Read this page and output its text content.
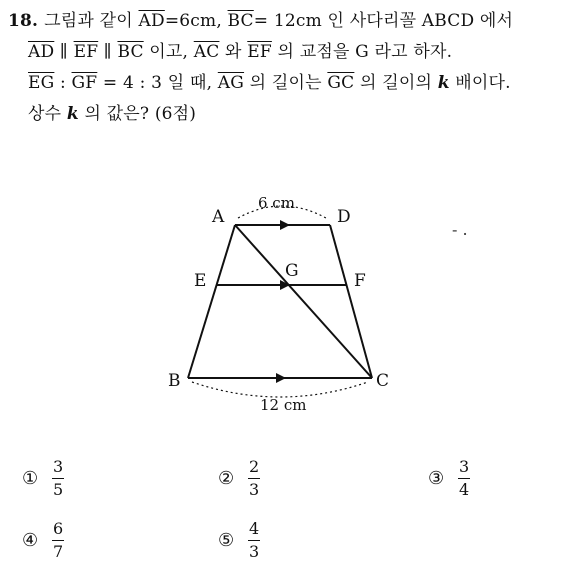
18. 그림과 같이 $\overline{AD}=6cm$, $\overline{BC}= 12cm$ 인 사다리꼴 ABCD 에서
$\overline{AD}$ ∥ $\overline{EF}$ ∥ $\overline{BC}$ 이고, $\overline{AC}$ 와 $\overline{EF}$ 의 교점을 G 라고 하자.
$\overline{EG}$ : $\overline{GF} = 4$ : 3 일 때, $\overline{AG}$ 의 길이는 $\overline{GC}$ 의 길이의 k 배이다.
상수 k 의 값은? (6점)
- .
A	D
E	G	F
B	C
6 cm
12 cm
① $\frac{3}{5}$	② $\frac{2}{3}$	③ $\frac{3}{4}$
④ $\frac{6}{7}$	⑤ $\frac{4}{3}$
